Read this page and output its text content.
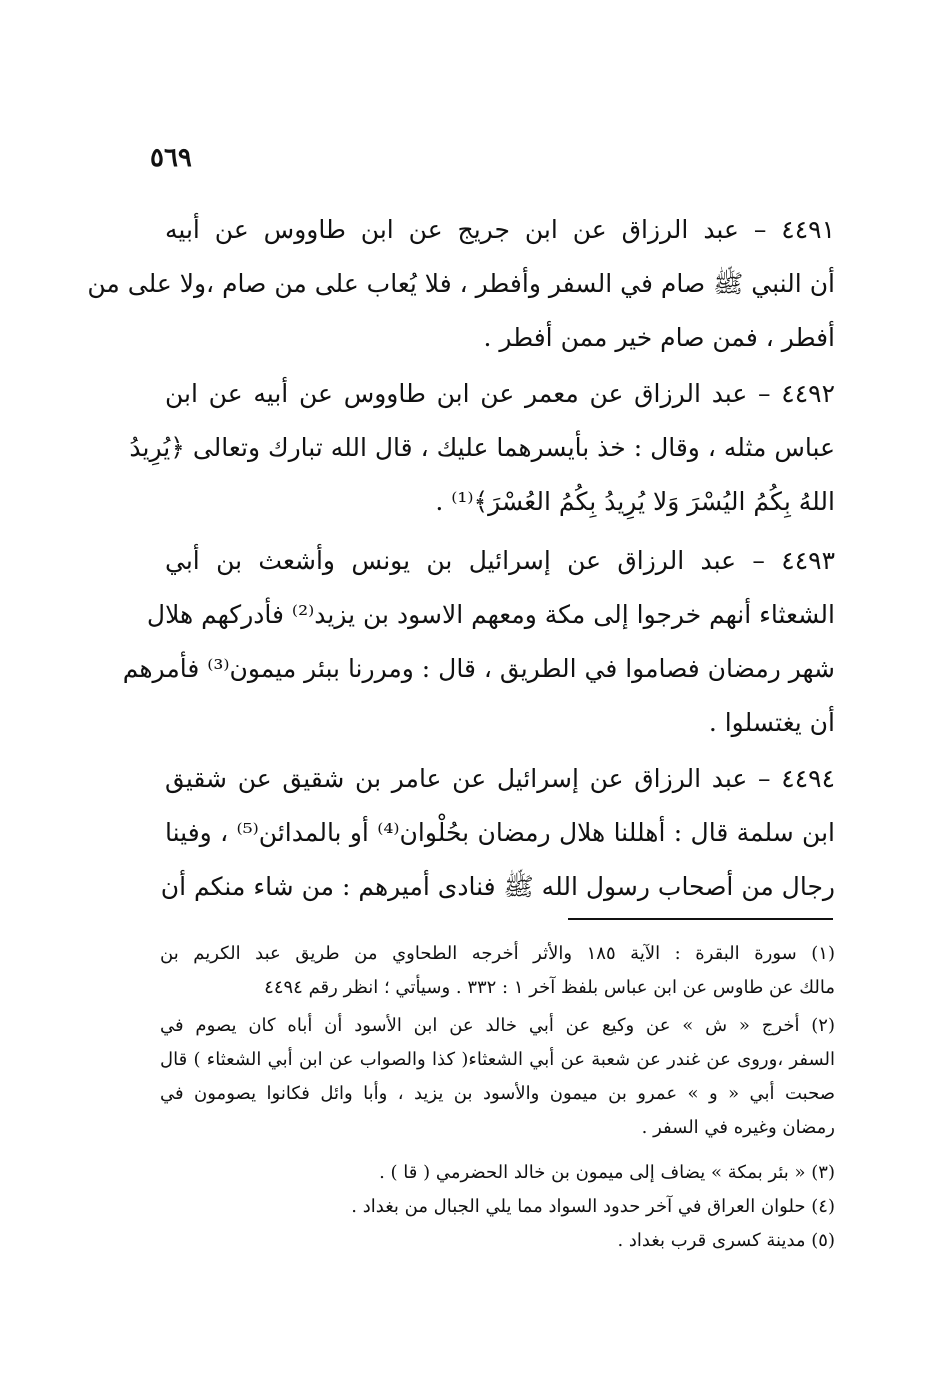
٥٦٩
٤٤٩١ – عبد الرزاق عن ابن جريج عن ابن طاووس عن أبيه
أن النبي ﷺ صام في السفر وأفطر ، فلا يُعاب على من صام ،ولا على من
أفطر ، فمن صام خير ممن أفطر .
٤٤٩٢ – عبد الرزاق عن معمر عن ابن طاووس عن أبيه عن ابن
عباس مثله ، وقال : خذ بأيسرهما عليك ، قال الله تبارك وتعالى ﴿يُرِيدُ
اللهُ بِكُمُ اليُسْرَ وَلا يُرِيدُ بِكُمُ العُسْرَ﴾⁽¹⁾ .
٤٤٩٣ – عبد الرزاق عن إسرائيل بن يونس وأشعث بن أبي
الشعثاء أنهم خرجوا إلى مكة ومعهم الاسود بن يزيد⁽²⁾ فأدركهم هلال
شهر رمضان فصاموا في الطريق ، قال : ومررنا ببئر ميمون⁽³⁾ فأمرهم
أن يغتسلوا .
٤٤٩٤ – عبد الرزاق عن إسرائيل عن عامر بن شقيق عن شقيق
ابن سلمة قال : أهللنا هلال رمضان بحُلْوان⁽⁴⁾ أو بالمدائن⁽⁵⁾ ، وفينا
رجال من أصحاب رسول الله ﷺ فنادى أميرهم : من شاء منكم أن
(١) سورة البقرة : الآية ١٨٥ والأثر أخرجه الطحاوي من طريق عبد الكريم بن
مالك عن طاوس عن ابن عباس بلفظ آخر ١ : ٣٣٢ . وسيأتي ؛ انظر رقم ٤٤٩٤
(٢) أخرج « ش » عن وكيع عن أبي خالد عن ابن الأسود أن أباه كان يصوم في
السفر ،وروى عن غندر عن شعبة عن أبي الشعثاء( كذا والصواب عن ابن أبي الشعثاء ) قال
صحبت أبي « و » عمرو بن ميمون والأسود بن يزيد ، وأبا وائل فكانوا يصومون في
رمضان وغيره في السفر .
(٣) « بئر بمكة » يضاف إلى ميمون بن خالد الحضرمي ( قا ) .
(٤) حلوان العراق في آخر حدود السواد مما يلي الجبال من بغداد .
(٥) مدينة كسرى قرب بغداد .
